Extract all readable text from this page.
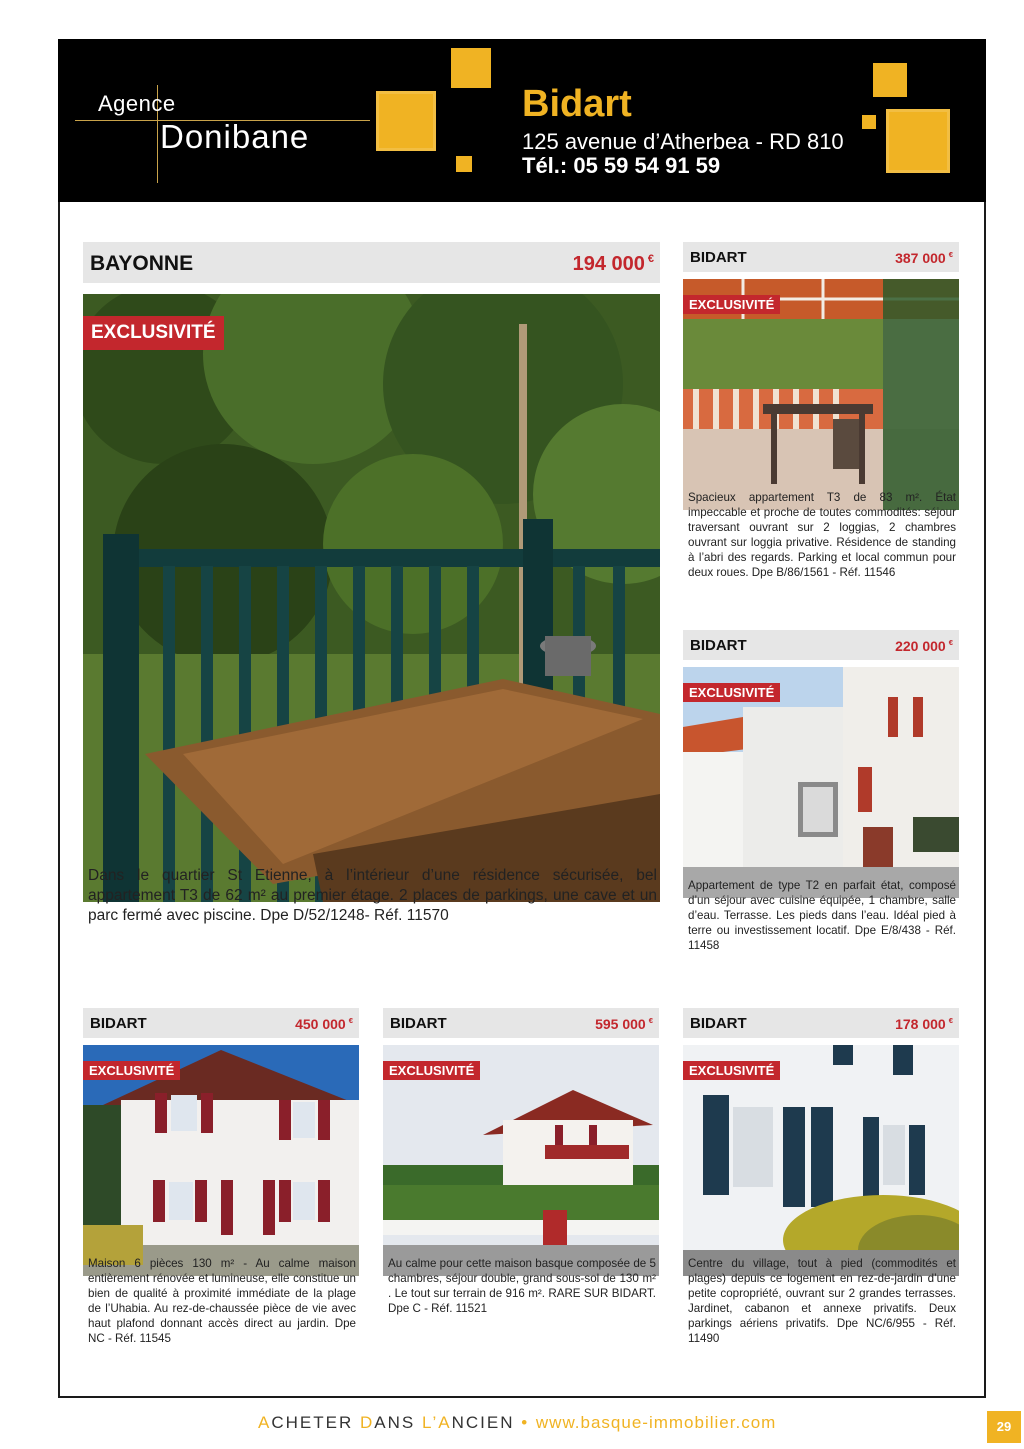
Agence
Donibane
Bidart
125 avenue d’Atherbea - RD 810
Tél.: 05 59 54 91 59
BAYONNE	194 000 €
EXCLUSIVITÉ
Dans le quartier St Etienne, à l’intérieur d’une résidence sécurisée, bel appartement T3 de 62 m² au premier étage. 2 places de parkings, une cave et un parc fermé avec piscine. Dpe D/52/1248- Réf. 11570
BIDART	387 000 €
EXCLUSIVITÉ
Spacieux appartement T3 de 83 m². État impeccable et proche de toutes commodités: séjour traversant ouvrant sur 2 loggias, 2 chambres ouvrant sur loggia privative. Résidence de standing à l’abri des regards. Parking et local commun pour deux roues. Dpe B/86/1561 - Réf. 11546
BIDART	220 000 €
EXCLUSIVITÉ
Appartement de type T2 en parfait état, composé d’un séjour avec cuisine équipée, 1 chambre, salle d’eau. Terrasse. Les pieds dans l’eau. Idéal pied à terre ou investissement locatif. Dpe E/8/438 - Réf. 11458
BIDART	450 000 €
EXCLUSIVITÉ
Maison 6 pièces 130 m² - Au calme maison entièrement rénovée et lumineuse, elle constitue un bien de qualité à proximité immédiate de la plage de l’Uhabia. Au rez-de-chaussée pièce de vie avec haut plafond donnant accès direct au jardin. Dpe NC - Réf. 11545
BIDART	595 000 €
EXCLUSIVITÉ
Au calme pour cette maison basque composée de 5 chambres, séjour double, grand sous-sol de 130 m² . Le tout sur terrain de 916 m². RARE SUR BIDART. Dpe C - Réf. 11521
BIDART	178 000 €
EXCLUSIVITÉ
Centre du village, tout à pied (commodités et plages) depuis ce logement en rez-de-jardin d’une petite copropriété, ouvrant sur 2 grandes terrasses. Jardinet, cabanon et annexe privatifs. Deux parkings aériens privatifs. Dpe NC/6/955 - Réf. 11490
ACHETER DANS L’ANCIEN • www.basque-immobilier.com	29
